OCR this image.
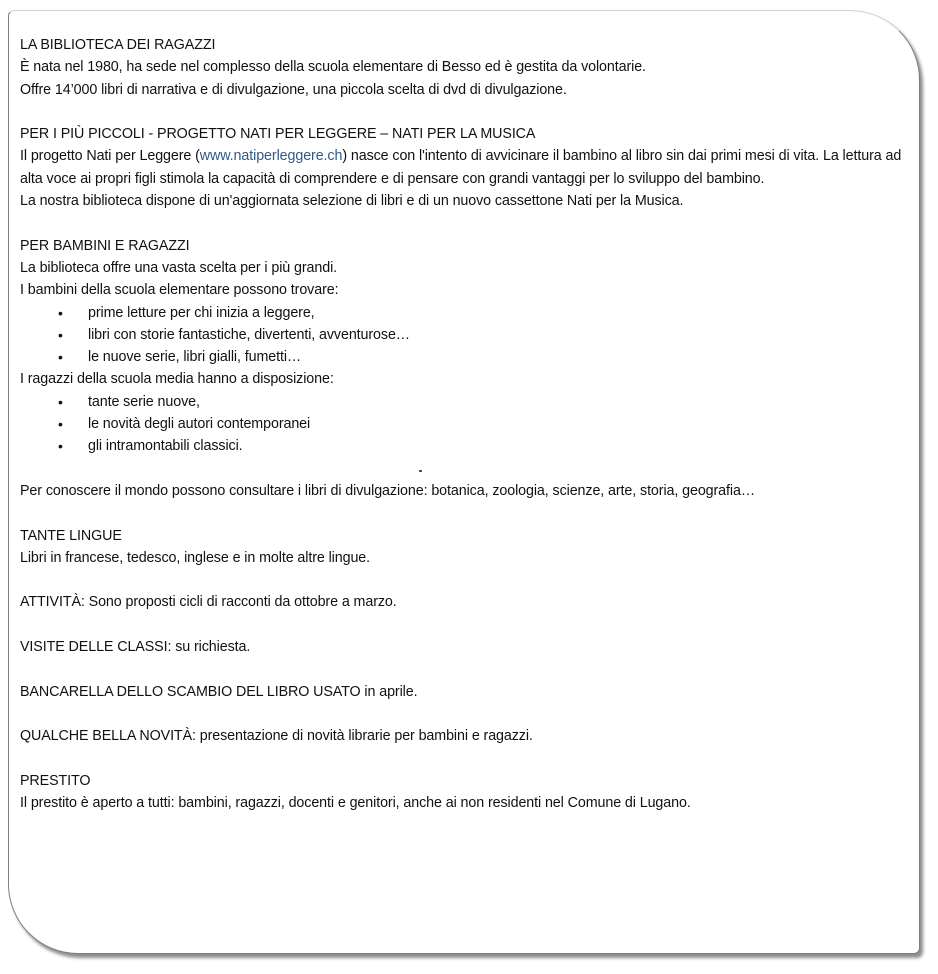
LA BIBLIOTECA DEI RAGAZZI

È nata nel 1980, ha sede nel complesso della scuola elementare di Besso ed è gestita da volontarie.

Offre 14’000 libri di narrativa e di divulgazione, una piccola scelta di dvd di divulgazione.

PER I PIÙ PICCOLI - PROGETTO NATI PER LEGGERE – NATI PER LA MUSICA

Il progetto Nati per Leggere (www.natiperleggere.ch) nasce con l'intento di avvicinare il bambino al libro sin dai primi mesi di vita. La lettura ad alta voce ai propri figli stimola la capacità di comprendere e di pensare con grandi vantaggi per lo sviluppo del bambino.

La nostra biblioteca dispone di un'aggiornata selezione di libri e di un nuovo cassettone Nati per la Musica.

PER BAMBINI E RAGAZZI

La biblioteca offre una vasta scelta per i più grandi.

I bambini della scuola elementare possono trovare:

• prime letture per chi inizia a leggere,
• libri con storie fantastiche, divertenti, avventurose…
• le nuove serie, libri gialli, fumetti…

I ragazzi della scuola media hanno a disposizione:

• tante serie nuove,
• le novità degli autori contemporanei
• gli intramontabili classici.

Per conoscere il mondo possono consultare i libri di divulgazione: botanica, zoologia, scienze, arte, storia, geografia…

TANTE LINGUE

Libri in francese, tedesco, inglese e in molte altre lingue.

ATTIVITÀ: Sono proposti cicli di racconti da ottobre a marzo.

VISITE DELLE CLASSI: su richiesta.

BANCARELLA DELLO SCAMBIO DEL LIBRO USATO in aprile.

QUALCHE BELLA NOVITÀ: presentazione di novità librarie per bambini e ragazzi.

PRESTITO

Il prestito è aperto a tutti: bambini, ragazzi, docenti e genitori, anche ai non residenti nel Comune di Lugano.
